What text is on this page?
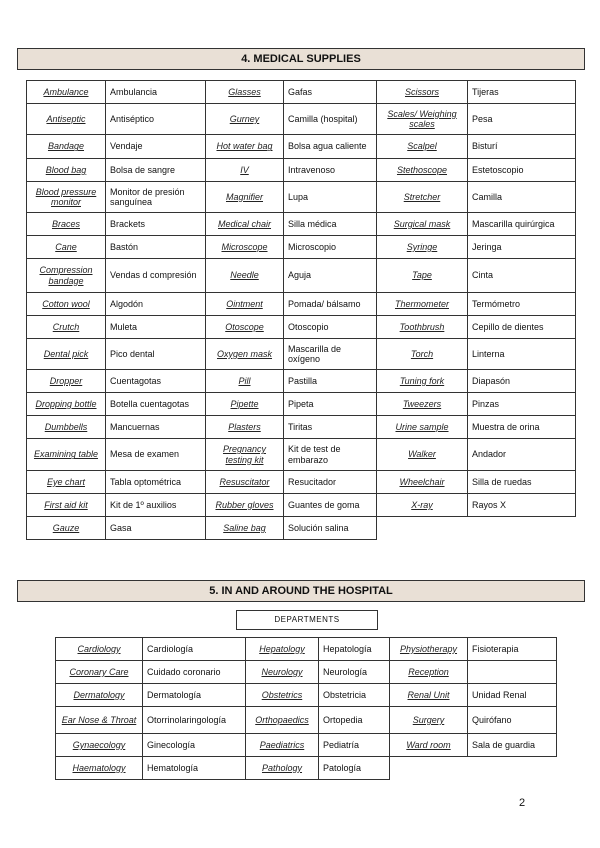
4. MEDICAL SUPPLIES
Ambulance	Ambulancia	Glasses	Gafas	Scissors	Tijeras
Antiseptic	Antiséptico	Gurney	Camilla (hospital)	Scales/ Weighing scales	Pesa
Bandage	Vendaje	Hot water bag	Bolsa agua caliente	Scalpel	Bisturí
Blood bag	Bolsa de sangre	IV	Intravenoso	Stethoscope	Estetoscopio
Blood pressure monitor	Monitor de presión sanguínea	Magnifier	Lupa	Stretcher	Camilla
Braces	Brackets	Medical chair	Silla médica	Surgical mask	Mascarilla quirúrgica
Cane	Bastón	Microscope	Microscopio	Syringe	Jeringa
Compression bandage	Vendas d compresión	Needle	Aguja	Tape	Cinta
Cotton wool	Algodón	Ointment	Pomada/ bálsamo	Thermometer	Termómetro
Crutch	Muleta	Otoscope	Otoscopio	Toothbrush	Cepillo de dientes
Dental pick	Pico dental	Oxygen mask	Mascarilla de oxígeno	Torch	Linterna
Dropper	Cuentagotas	Pill	Pastilla	Tuning fork	Diapasón
Dropping bottle	Botella cuentagotas	Pipette	Pipeta	Tweezers	Pinzas
Dumbbells	Mancuernas	Plasters	Tiritas	Urine sample	Muestra de orina
Examining table	Mesa de examen	Pregnancy testing kit	Kit de test de embarazo	Walker	Andador
Eye chart	Tabla optométrica	Resuscitator	Resucitador	Wheelchair	Silla de ruedas
First aid kit	Kit de 1º auxilios	Rubber gloves	Guantes de goma	X-ray	Rayos X
Gauze	Gasa	Saline bag	Solución salina		
5. IN AND AROUND THE HOSPITAL
DEPARTMENTS
Cardiology	Cardiología	Hepatology	Hepatología	Physiotherapy	Fisioterapia
Coronary Care	Cuidado coronario	Neurology	Neurología	Reception	
Dermatology	Dermatología	Obstetrics	Obstetricia	Renal Unit	Unidad Renal
Ear Nose & Throat	Otorrinolaringología	Orthopaedics	Ortopedia	Surgery	Quirófano
Gynaecology	Ginecología	Paediatrics	Pediatría	Ward room	Sala de guardia
Haematology	Hematología	Pathology	Patología		
2
